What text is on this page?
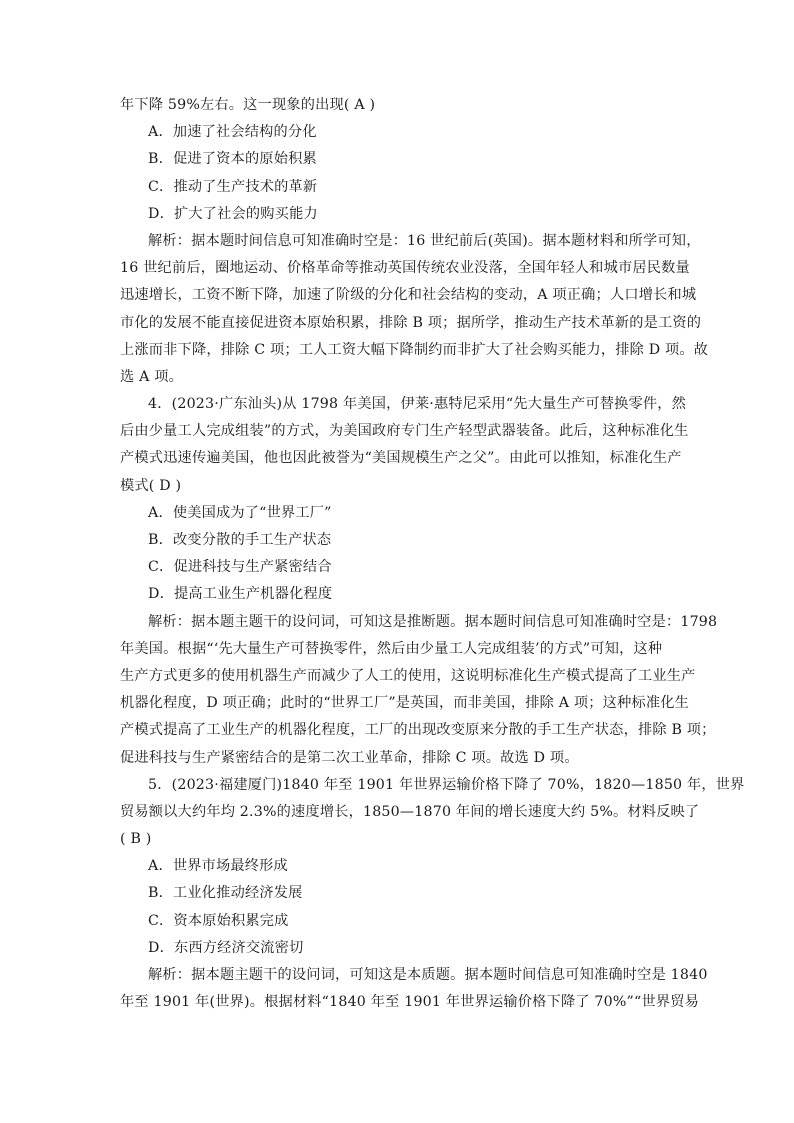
年下降 59%左右。这一现象的出现( A )
A．加速了社会结构的分化
B．促进了资本的原始积累
C．推动了生产技术的革新
D．扩大了社会的购买能力
解析：据本题时间信息可知准确时空是：16 世纪前后(英国)。据本题材料和所学可知，
16 世纪前后，圈地运动、价格革命等推动英国传统农业没落，全国年轻人和城市居民数量
迅速增长，工资不断下降，加速了阶级的分化和社会结构的变动，A 项正确；人口增长和城
市化的发展不能直接促进资本原始积累，排除 B 项；据所学，推动生产技术革新的是工资的
上涨而非下降，排除 C 项；工人工资大幅下降制约而非扩大了社会购买能力，排除 D 项。故
选 A 项。
4．(2023·广东汕头)从 1798 年美国，伊莱·惠特尼采用“先大量生产可替换零件，然
后由少量工人完成组装”的方式，为美国政府专门生产轻型武器装备。此后，这种标准化生
产模式迅速传遍美国，他也因此被誉为“美国规模生产之父”。由此可以推知，标准化生产
模式( D )
A．使美国成为了“世界工厂”
B．改变分散的手工生产状态
C．促进科技与生产紧密结合
D．提高工业生产机器化程度
解析：据本题主题干的设问词，可知这是推断题。据本题时间信息可知准确时空是：1798
年美国。根据“‘先大量生产可替换零件，然后由少量工人完成组装’的方式”可知，这种
生产方式更多的使用机器生产而减少了人工的使用，这说明标准化生产模式提高了工业生产
机器化程度，D 项正确；此时的“世界工厂”是英国，而非美国，排除 A 项；这种标准化生
产模式提高了工业生产的机器化程度，工厂的出现改变原来分散的手工生产状态，排除 B 项；
促进科技与生产紧密结合的是第二次工业革命，排除 C 项。故选 D 项。
5．(2023·福建厦门)1840 年至 1901 年世界运输价格下降了 70%，1820—1850 年，世界
贸易额以大约年均 2.3%的速度增长，1850—1870 年间的增长速度大约 5%。材料反映了
( B )
A．世界市场最终形成
B．工业化推动经济发展
C．资本原始积累完成
D．东西方经济交流密切
解析：据本题主题干的设问词，可知这是本质题。据本题时间信息可知准确时空是 1840
年至 1901 年(世界)。根据材料“1840 年至 1901 年世界运输价格下降了 70%”“世界贸易
